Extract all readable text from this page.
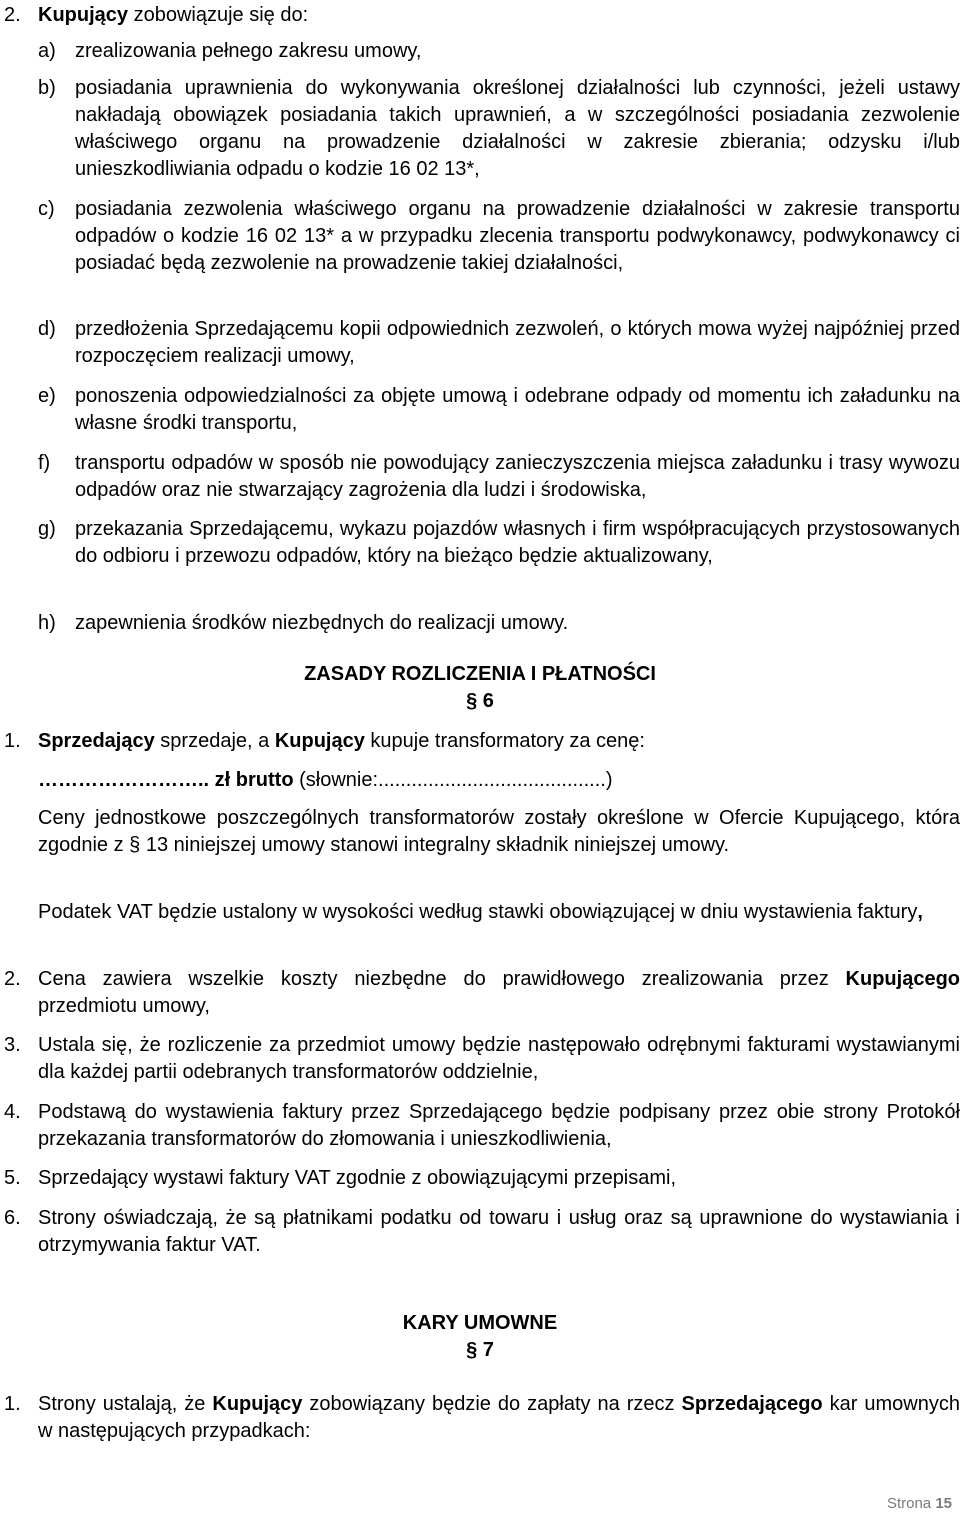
2. Kupujący zobowiązuje się do:
a) zrealizowania pełnego zakresu umowy,
b) posiadania uprawnienia do wykonywania określonej działalności lub czynności, jeżeli ustawy nakładają obowiązek posiadania takich uprawnień, a w szczególności posiadania zezwolenie właściwego organu na prowadzenie działalności w zakresie zbierania; odzysku i/lub unieszkodliwiania odpadu o kodzie 16 02 13*,
c) posiadania zezwolenia właściwego organu na prowadzenie działalności w zakresie transportu odpadów o kodzie 16 02 13* a w przypadku zlecenia transportu podwykonawcy, podwykonawcy ci posiadać będą zezwolenie na prowadzenie takiej działalności,
d) przedłożenia Sprzedającemu kopii odpowiednich zezwoleń, o których mowa wyżej najpóźniej przed rozpoczęciem realizacji umowy,
e) ponoszenia odpowiedzialności za objęte umową i odebrane odpady od momentu ich załadunku na własne środki transportu,
f) transportu odpadów w sposób nie powodujący zanieczyszczenia miejsca załadunku i trasy wywozu odpadów oraz nie stwarzający zagrożenia dla ludzi i środowiska,
g) przekazania Sprzedającemu, wykazu pojazdów własnych i firm współpracujących przystosowanych do odbioru i przewozu odpadów, który na bieżąco będzie aktualizowany,
h) zapewnienia środków niezbędnych do realizacji umowy.
ZASADY ROZLICZENIA I PŁATNOŚCI
§ 6
1. Sprzedający sprzedaje, a Kupujący kupuje transformatory za cenę:
…………………….. zł brutto (słownie:.........................................)
Ceny jednostkowe poszczególnych transformatorów zostały określone w Ofercie Kupującego, która zgodnie z § 13 niniejszej umowy stanowi integralny składnik niniejszej umowy.
Podatek VAT będzie ustalony w wysokości według stawki obowiązującej w dniu wystawienia faktury,
2. Cena zawiera wszelkie koszty niezbędne do prawidłowego zrealizowania przez Kupującego przedmiotu umowy,
3. Ustala się, że rozliczenie za przedmiot umowy będzie następowało odrębnymi fakturami wystawianymi dla każdej partii odebranych transformatorów oddzielnie,
4. Podstawą do wystawienia faktury przez Sprzedającego będzie podpisany przez obie strony Protokół przekazania transformatorów do złomowania i unieszkodliwienia,
5. Sprzedający wystawi faktury VAT zgodnie z obowiązującymi przepisami,
6. Strony oświadczają, że są płatnikami podatku od towaru i usług oraz są uprawnione do wystawiania i otrzymywania faktur VAT.
KARY UMOWNE
§ 7
1. Strony ustalają, że Kupujący zobowiązany będzie do zapłaty na rzecz Sprzedającego kar umownych w następujących przypadkach:
Strona 15
